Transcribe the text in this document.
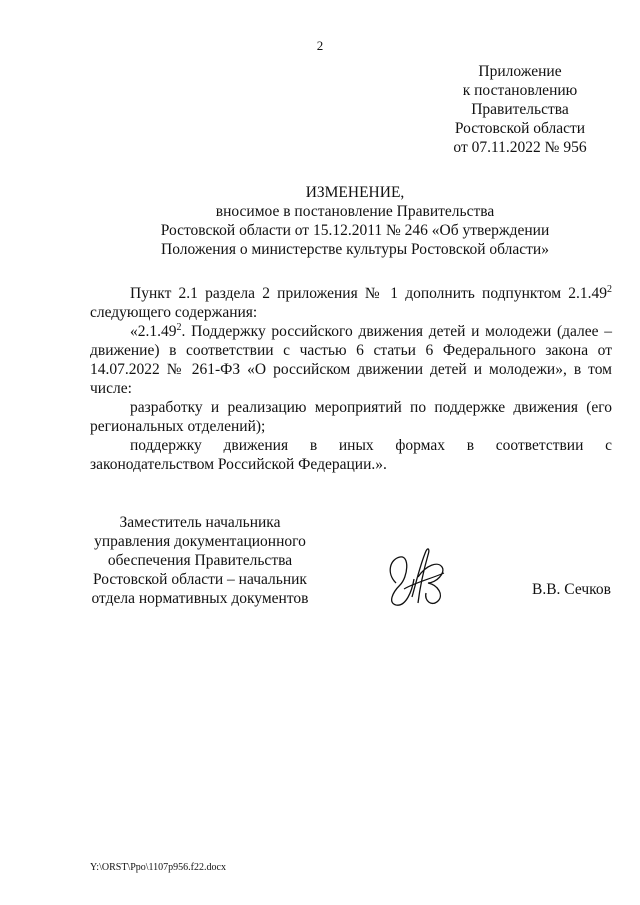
2
Приложение
к постановлению
Правительства
Ростовской области
от 07.11.2022 № 956
ИЗМЕНЕНИЕ,
вносимое в постановление Правительства
Ростовской области от 15.12.2011 № 246 «Об утверждении
Положения о министерстве культуры Ростовской области»

Пункт 2.1 раздела 2 приложения № 1 дополнить подпунктом 2.1.49$^2$ следующего содержания:

«2.1.49$^2$. Поддержку российского движения детей и молодежи (далее – движение) в соответствии с частью 6 статьи 6 Федерального закона от 14.07.2022 № 261-ФЗ «О российском движении детей и молодежи», в том числе:

разработку и реализацию мероприятий по поддержке движения (его региональных отделений);

поддержку движения в иных формах в соответствии с законодательством Российской Федерации.».

Заместитель начальника
управления документационного
обеспечения Правительства
Ростовской области – начальник
отдела нормативных документов
В.В. Сечков
Y:\ORST\Ppo\1107p956.f22.docx
